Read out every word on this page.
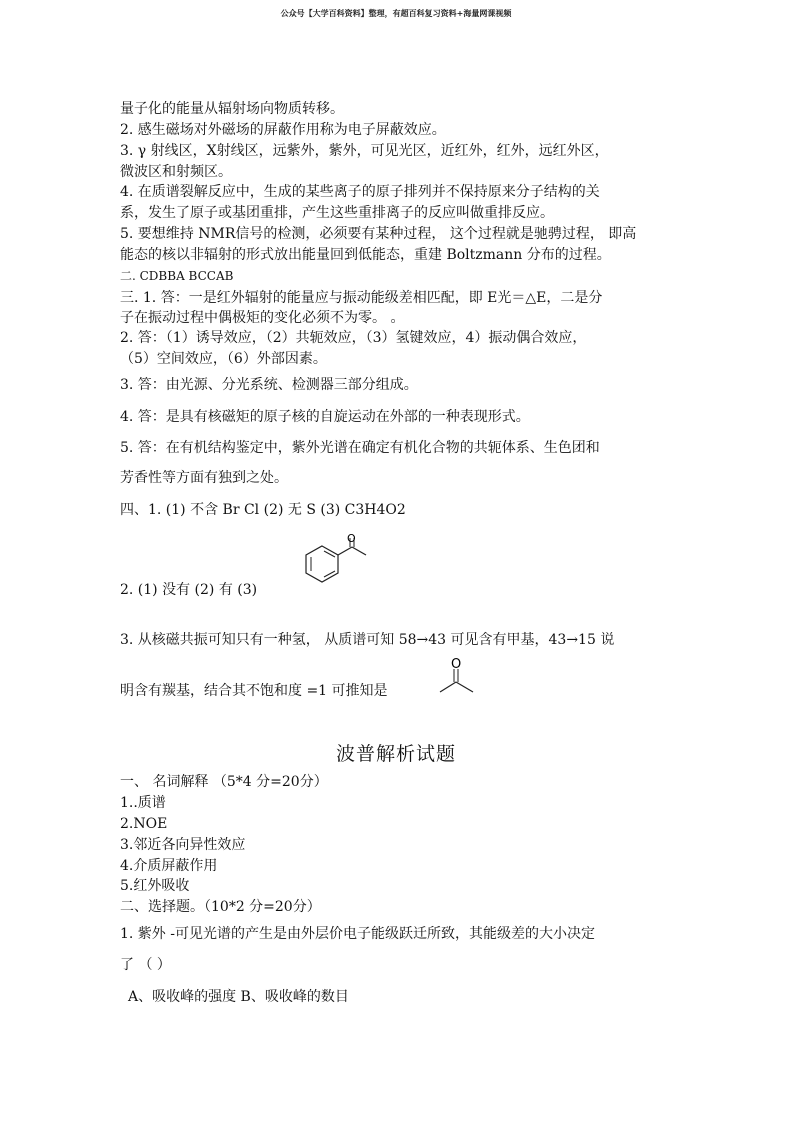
公众号【大学百科资料】整理，有超百科复习资料+海量网课视频
量子化的能量从辐射场向物质转移。
2. 感生磁场对外磁场的屏蔽作用称为电子屏蔽效应。
3. γ 射线区，X射线区，远紫外，紫外，可见光区，近红外，红外，远红外区，
微波区和射频区。
4. 在质谱裂解反应中，生成的某些离子的原子排列并不保持原来分子结构的关
系，发生了原子或基团重排，产生这些重排离子的反应叫做重排反应。
5. 要想维持 NMR信号的检测，必须要有某种过程， 这个过程就是驰骋过程， 即高
能态的核以非辐射的形式放出能量回到低能态，重建 Boltzmann 分布的过程。
二. CDBBA BCCAB
三. 1. 答：一是红外辐射的能量应与振动能级差相匹配，即 E光＝△E，二是分
子在振动过程中偶极矩的变化必须不为零。 。
2. 答：（1）诱导效应，（2）共轭效应，（3）氢键效应，4）振动偶合效应，
（5）空间效应，（6）外部因素。
3. 答：由光源、分光系统、检测器三部分组成。
4. 答：是具有核磁矩的原子核的自旋运动在外部的一种表现形式。
5. 答：在有机结构鉴定中，紫外光谱在确定有机化合物的共轭体系、生色团和
芳香性等方面有独到之处。
四、1. (1) 不含 Br Cl (2) 无 S (3) C3H4O2
O
2. (1) 没有 (2) 有 (3)
3. 从核磁共振可知只有一种氢， 从质谱可知 58→43 可见含有甲基，43→15 说
O
明含有羰基，结合其不饱和度 =1 可推知是
波普解析试题
一、 名词解释 （5*4 分=20分）
1..质谱
2.NOE
3.邻近各向异性效应
4.介质屏蔽作用
5.红外吸收
二、选择题。（10*2 分=20分）
1. 紫外 -可见光谱的产生是由外层价电子能级跃迁所致，其能级差的大小决定
了 （ ）
A、吸收峰的强度 B、吸收峰的数目
